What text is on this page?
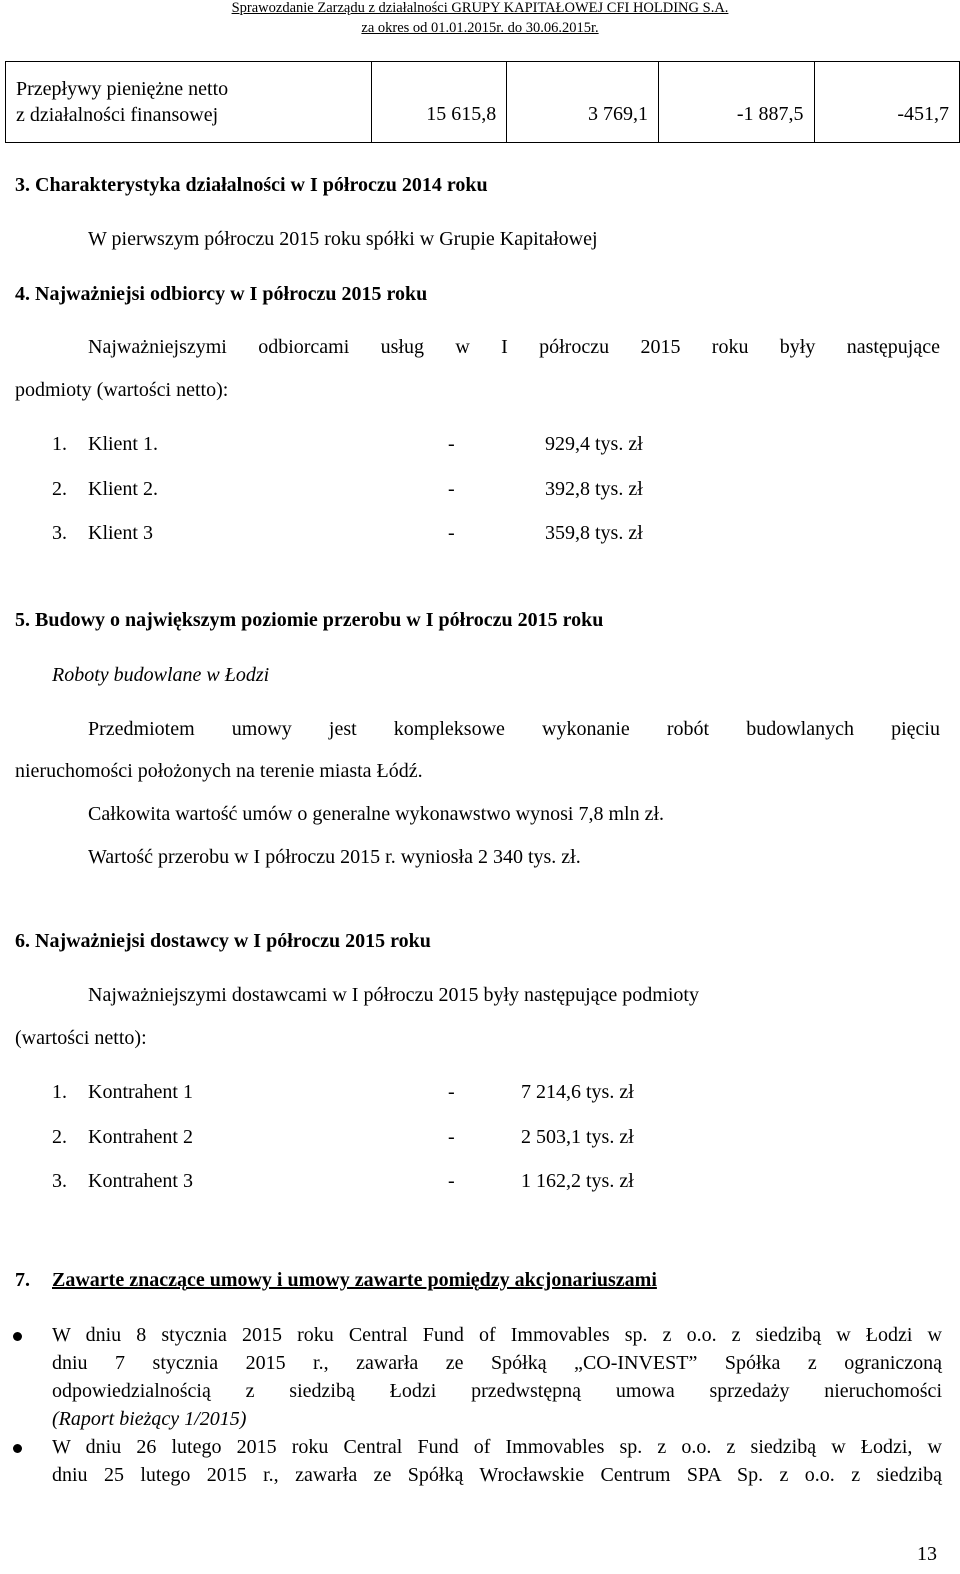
Sprawozdanie Zarządu z działalności GRUPY KAPITAŁOWEJ CFI HOLDING S.A.
za okres od 01.01.2015r. do 30.06.2015r.
Przepływy pieniężne netto
z działalności finansowej	15 615,8	3 769,1	-1 887,5	-451,7
3. Charakterystyka działalności w I półroczu 2014 roku
W pierwszym półroczu 2015 roku spółki w Grupie Kapitałowej
4. Najważniejsi odbiorcy w I półroczu 2015 roku
Najważniejszymi odbiorcami usług w I półroczu 2015 roku były następujące
podmioty (wartości netto):
1. Klient 1.	-	929,4 tys. zł
2. Klient 2.	-	392,8 tys. zł
3. Klient 3	-	359,8 tys. zł
5. Budowy o największym poziomie przerobu w I półroczu 2015 roku
Roboty budowlane w Łodzi
Przedmiotem umowy jest kompleksowe wykonanie robót budowlanych pięciu
nieruchomości położonych na terenie miasta Łódź.
Całkowita wartość umów o generalne wykonawstwo wynosi 7,8 mln zł.
Wartość przerobu w I półroczu 2015 r. wyniosła 2 340 tys. zł.
6. Najważniejsi dostawcy w I półroczu 2015 roku
Najważniejszymi dostawcami w I półroczu 2015 były następujące podmioty
(wartości netto):
1. Kontrahent 1	-	7 214,6 tys. zł
2. Kontrahent 2	-	2 503,1 tys. zł
3. Kontrahent 3	-	1 162,2 tys. zł
7. Zawarte znaczące umowy i umowy zawarte pomiędzy akcjonariuszami
W dniu 8 stycznia 2015 roku Central Fund of Immovables sp. z o.o. z siedzibą w Łodzi w
dniu 7 stycznia 2015 r., zawarła ze Spółką „CO-INVEST” Spółka z ograniczoną
odpowiedzialnością z siedzibą Łodzi przedwstępną umowa sprzedaży nieruchomości
(Raport bieżący 1/2015)
W dniu 26 lutego 2015 roku Central Fund of Immovables sp. z o.o. z siedzibą w Łodzi, w
dniu 25 lutego 2015 r., zawarła ze Spółką Wrocławskie Centrum SPA Sp. z o.o. z siedzibą
13
